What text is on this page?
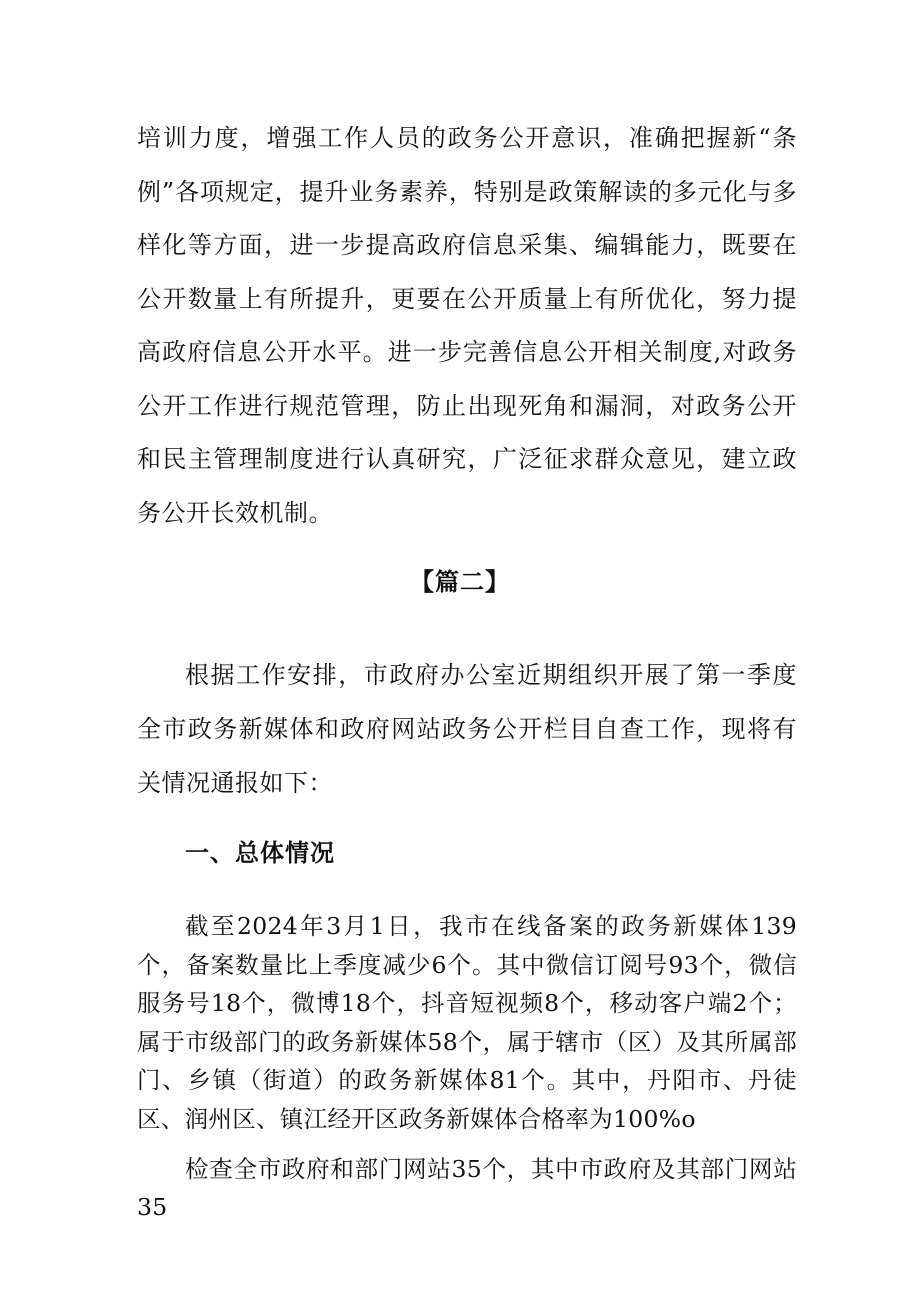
培训力度，增强工作人员的政务公开意识，准确把握新“条例”各项规定，提升业务素养，特别是政策解读的多元化与多样化等方面，进一步提高政府信息采集、编辑能力，既要在公开数量上有所提升，更要在公开质量上有所优化，努力提高政府信息公开水平。进一步完善信息公开相关制度,对政务公开工作进行规范管理，防止出现死角和漏洞，对政务公开和民主管理制度进行认真研究，广泛征求群众意见，建立政务公开长效机制。

【篇二】

根据工作安排，市政府办公室近期组织开展了第一季度全市政务新媒体和政府网站政务公开栏目自查工作，现将有关情况通报如下：

一、总体情况

截至2024年3月1日，我市在线备案的政务新媒体139个，备案数量比上季度减少6个。其中微信订阅号93个，微信服务号18个，微博18个，抖音短视频8个，移动客户端2个；属于市级部门的政务新媒体58个，属于辖市（区）及其所属部门、乡镇（街道）的政务新媒体81个。其中，丹阳市、丹徒区、润州区、镇江经开区政务新媒体合格率为100%o

检查全市政府和部门网站35个，其中市政府及其部门网站35
